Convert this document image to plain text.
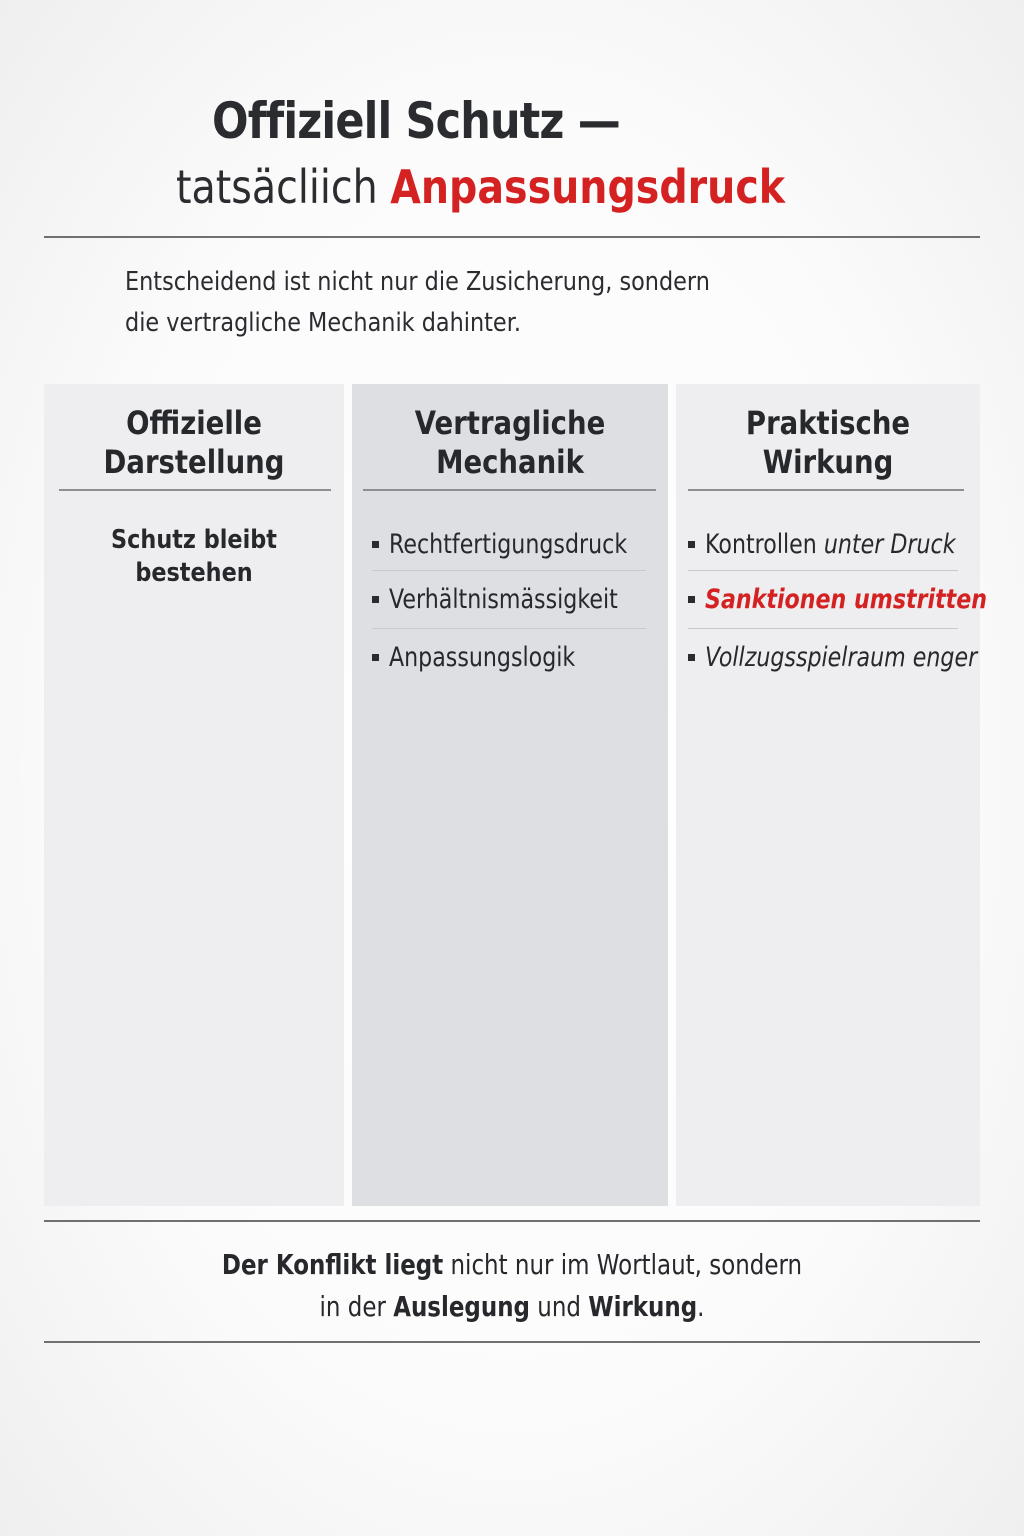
Offiziell Schutz —
tatsäcliich Anpassungsdruck
Entscheidend ist nicht nur die Zusicherung, sondern
die vertragliche Mechanik dahinter.
Offizielle
Darstellung
Schutz bleibt
bestehen
Vertragliche
Mechanik
Rechtfertigungsdruck
Verhältnismässigkeit
Anpassungslogik
Praktische
Wirkung
Kontrollen unter Druck
Sanktionen umstritten
Vollzugsspielraum enger
Der Konflikt liegt nicht nur im Wortlaut, sondern
in der Auslegung und Wirkung.
